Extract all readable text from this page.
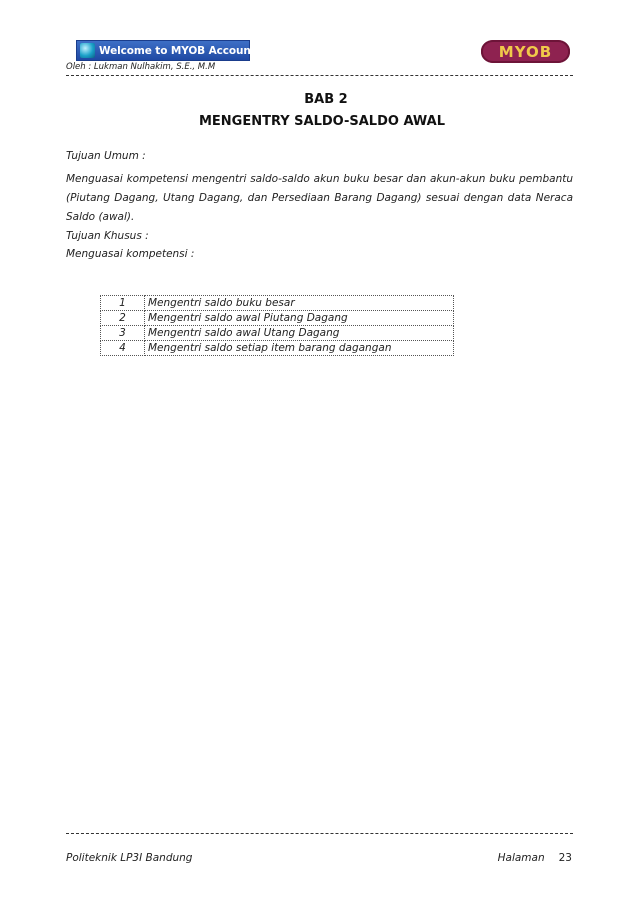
Welcome to MYOB Accounting	MYOB
Oleh : Lukman Nulhakim, S.E., M.M
BAB 2
MENGENTRY SALDO-SALDO AWAL
Tujuan Umum :
Menguasai kompetensi mengentri saldo-saldo akun buku besar dan akun-akun buku pembantu (Piutang Dagang, Utang Dagang, dan Persediaan Barang Dagang) sesuai dengan data Neraca Saldo (awal).
Tujuan Khusus :
Menguasai kompetensi :
1	Mengentri saldo buku besar
2	Mengentri saldo awal Piutang Dagang
3	Mengentri saldo awal Utang Dagang
4	Mengentri saldo setiap item barang dagangan
Politeknik LP3I Bandung	Halaman 23
